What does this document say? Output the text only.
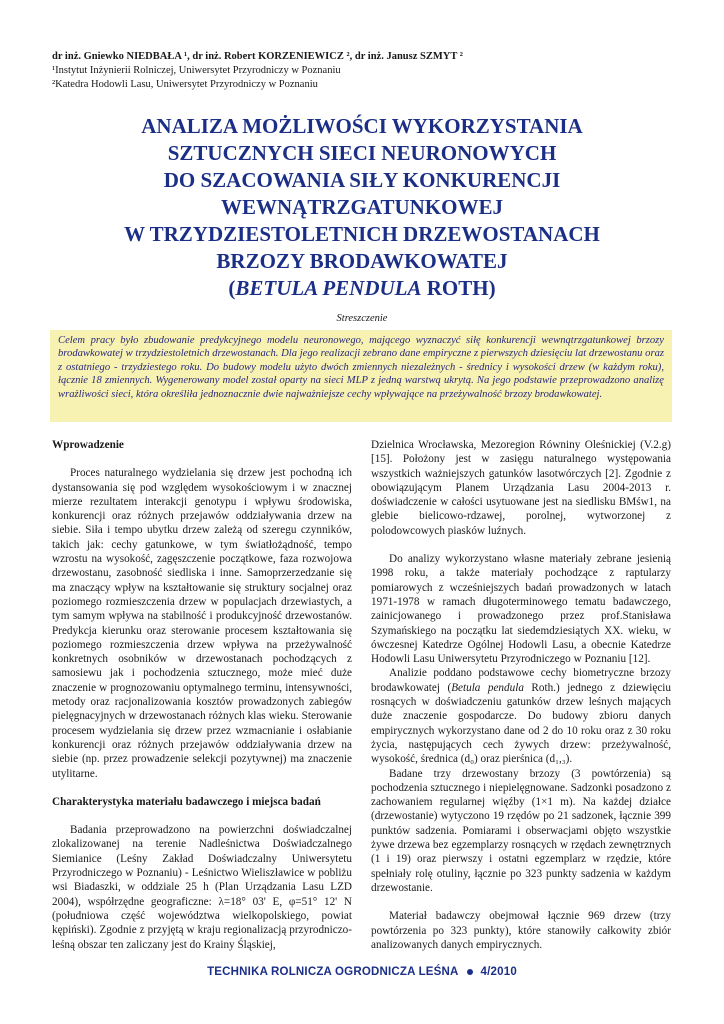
dr inż. Gniewko NIEDBAŁA ¹, dr inż. Robert KORZENIEWICZ ², dr inż. Janusz SZMYT ²
¹Instytut Inżynierii Rolniczej, Uniwersytet Przyrodniczy w Poznaniu
²Katedra Hodowli Lasu, Uniwersytet Przyrodniczy w Poznaniu
ANALIZA MOŻLIWOŚCI WYKORZYSTANIA
SZTUCZNYCH SIECI NEURONOWYCH
DO SZACOWANIA SIŁY KONKURENCJI
WEWNĄTRZGATUNKOWEJ
W TRZYDZIESTOLETNICH DRZEWOSTANACH
BRZOZY BRODAWKOWATEJ
(BETULA PENDULA ROTH)
Streszczenie
Celem pracy było zbudowanie predykcyjnego modelu neuronowego, mającego wyznaczyć siłę konkurencji wewnątrzgatunkowej brzozy brodawkowatej w trzydziestoletnich drzewostanach. Dla jego realizacji zebrano dane empiryczne z pierwszych dziesięciu lat drzewostanu oraz z ostatniego - trzydziestego roku. Do budowy modelu użyto dwóch zmiennych niezależnych - średnicy i wysokości drzew (w każdym roku), łącznie 18 zmiennych. Wygenerowany model został oparty na sieci MLP z jedną warstwą ukrytą. Na jego podstawie przeprowadzono analizę wrażliwości sieci, która określiła jednoznacznie dwie najważniejsze cechy wpływające na przeżywalność brzozy brodawkowatej.
Wprowadzenie
Proces naturalnego wydzielania się drzew jest pochodną ich dystansowania się pod względem wysokościowym i w znacznej mierze rezultatem interakcji genotypu i wpływu środowiska, konkurencji oraz różnych przejawów oddziaływania drzew na siebie. Siła i tempo ubytku drzew zależą od szeregu czynników, takich jak: cechy gatunkowe, w tym światłożądność, tempo wzrostu na wysokość, zagęszczenie początkowe, faza rozwojowa drzewostanu, zasobność siedliska i inne. Samoprzerzedzanie się ma znaczący wpływ na kształtowanie się struktury socjalnej oraz poziomego rozmieszczenia drzew w populacjach drzewiastych, a tym samym wpływa na stabilność i produkcyjność drzewostanów. Predykcja kierunku oraz sterowanie procesem kształtowania się poziomego rozmieszczenia drzew wpływa na przeżywalność konkretnych osobników w drzewostanach pochodzących z samosiewu jak i pochodzenia sztucznego, może mieć duże znaczenie w prognozowaniu optymalnego terminu, intensywności, metody oraz racjonalizowania kosztów prowadzonych zabiegów pielęgnacyjnych w drzewostanach różnych klas wieku. Sterowanie procesem wydzielania się drzew przez wzmacnianie i osłabianie konkurencji oraz różnych przejawów oddziaływania drzew na siebie (np. przez prowadzenie selekcji pozytywnej) ma znaczenie utylitarne.
Charakterystyka materiału badawczego i miejsca badań
Badania przeprowadzono na powierzchni doświadczalnej zlokalizowanej na terenie Nadleśnictwa Doświadczalnego Siemianice (Leśny Zakład Doświadczalny Uniwersytetu Przyrodniczego w Poznaniu) - Leśnictwo Wieliszławice w pobliżu wsi Biadaszki, w oddziale 25 h (Plan Urządzania Lasu LZD 2004), współrzędne geograficzne: λ=18° 03' E, φ=51° 12' N (południowa część województwa wielkopolskiego, powiat kępiński). Zgodnie z przyjętą w kraju regionalizacją przyrodniczo-leśną obszar ten zaliczany jest do Krainy Śląskiej,
Dzielnica Wrocławska, Mezoregion Równiny Oleśnickiej (V.2.g) [15]. Położony jest w zasięgu naturalnego występowania wszystkich ważniejszych gatunków lasotwórczych [2]. Zgodnie z obowiązującym Planem Urządzania Lasu 2004-2013 r. doświadczenie w całości usytuowane jest na siedlisku BMśw1, na glebie bielicowo-rdzawej, porolnej, wytworzonej z polodowcowych piasków luźnych.
Do analizy wykorzystano własne materiały zebrane jesienią 1998 roku, a także materiały pochodzące z raptularzy pomiarowych z wcześniejszych badań prowadzonych w latach 1971-1978 w ramach długoterminowego tematu badawczego, zainicjowanego i prowadzonego przez prof.Stanisława Szymańskiego na początku lat siedemdziesiątych XX. wieku, w ówczesnej Katedrze Ogólnej Hodowli Lasu, a obecnie Katedrze Hodowli Lasu Uniwersytetu Przyrodniczego w Poznaniu [12].
Analizie poddano podstawowe cechy biometryczne brzozy brodawkowatej (Betula pendula Roth.) jednego z dziewięciu rosnących w doświadczeniu gatunków drzew leśnych mających duże znaczenie gospodarcze. Do budowy zbioru danych empirycznych wykorzystano dane od 2 do 10 roku oraz z 30 roku życia, następujących cech żywych drzew: przeżywalność, wysokość, średnica (d₀) oraz pierśnica (d₁,₃).
Badane trzy drzewostany brzozy (3 powtórzenia) są pochodzenia sztucznego i niepielęgnowane. Sadzonki posadzono z zachowaniem regularnej więźby (1×1 m). Na każdej działce (drzewostanie) wytyczono 19 rzędów po 21 sadzonek, łącznie 399 punktów sadzenia. Pomiarami i obserwacjami objęto wszystkie żywe drzewa bez egzemplarzy rosnących w rzędach zewnętrznych (1 i 19) oraz pierwszy i ostatni egzemplarz w rzędzie, które spełniały rolę otuliny, łącznie po 323 punkty sadzenia w każdym drzewostanie.
Materiał badawczy obejmował łącznie 969 drzew (trzy powtórzenia po 323 punkty), które stanowiły całkowity zbiór analizowanych danych empirycznych.
TECHNIKA ROLNICZA OGRODNICZA LEŚNA 4/2010
